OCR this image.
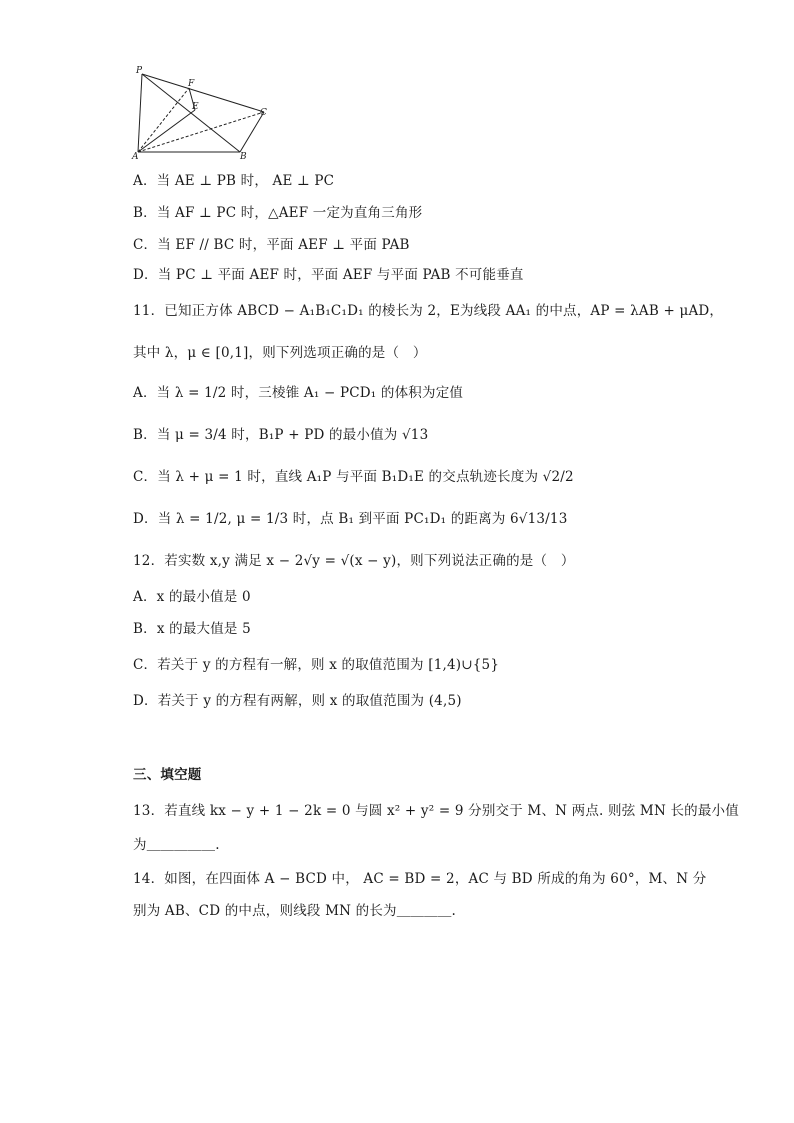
P
F
E
C
A	B
A．当 AE ⊥ PB 时， AE ⊥ PC
B．当 AF ⊥ PC 时，△AEF 一定为直角三角形
C．当 EF // BC 时，平面 AEF ⊥ 平面 PAB
D．当 PC ⊥ 平面 AEF 时，平面 AEF 与平面 PAB 不可能垂直
11．已知正方体 ABCD − A₁B₁C₁D₁ 的棱长为 2，E为线段 AA₁ 的中点，AP = λAB + μAD，
其中 λ，μ ∈ [0,1]，则下列选项正确的是（　）
A．当 λ = 1/2 时，三棱锥 A₁ − PCD₁ 的体积为定值
B．当 μ = 3/4 时，B₁P + PD 的最小值为 √13
C．当 λ + μ = 1 时，直线 A₁P 与平面 B₁D₁E 的交点轨迹长度为 √2/2
D．当 λ = 1/2, μ = 1/3 时，点 B₁ 到平面 PC₁D₁ 的距离为 6√13/13
12．若实数 x,y 满足 x − 2√y = √(x − y)，则下列说法正确的是（　）
A．x 的最小值是 0
B．x 的最大值是 5
C．若关于 y 的方程有一解，则 x 的取值范围为 [1,4)∪{5}
D．若关于 y 的方程有两解，则 x 的取值范围为 (4,5)
三、填空题
13．若直线 kx − y + 1 − 2k = 0 与圆 x² + y² = 9 分别交于 M、N 两点. 则弦 MN 长的最小值
为＿＿＿＿＿.
14．如图，在四面体 A − BCD 中， AC = BD = 2，AC 与 BD 所成的角为 60°，M、N 分
别为 AB、CD 的中点，则线段 MN 的长为＿＿＿＿.
